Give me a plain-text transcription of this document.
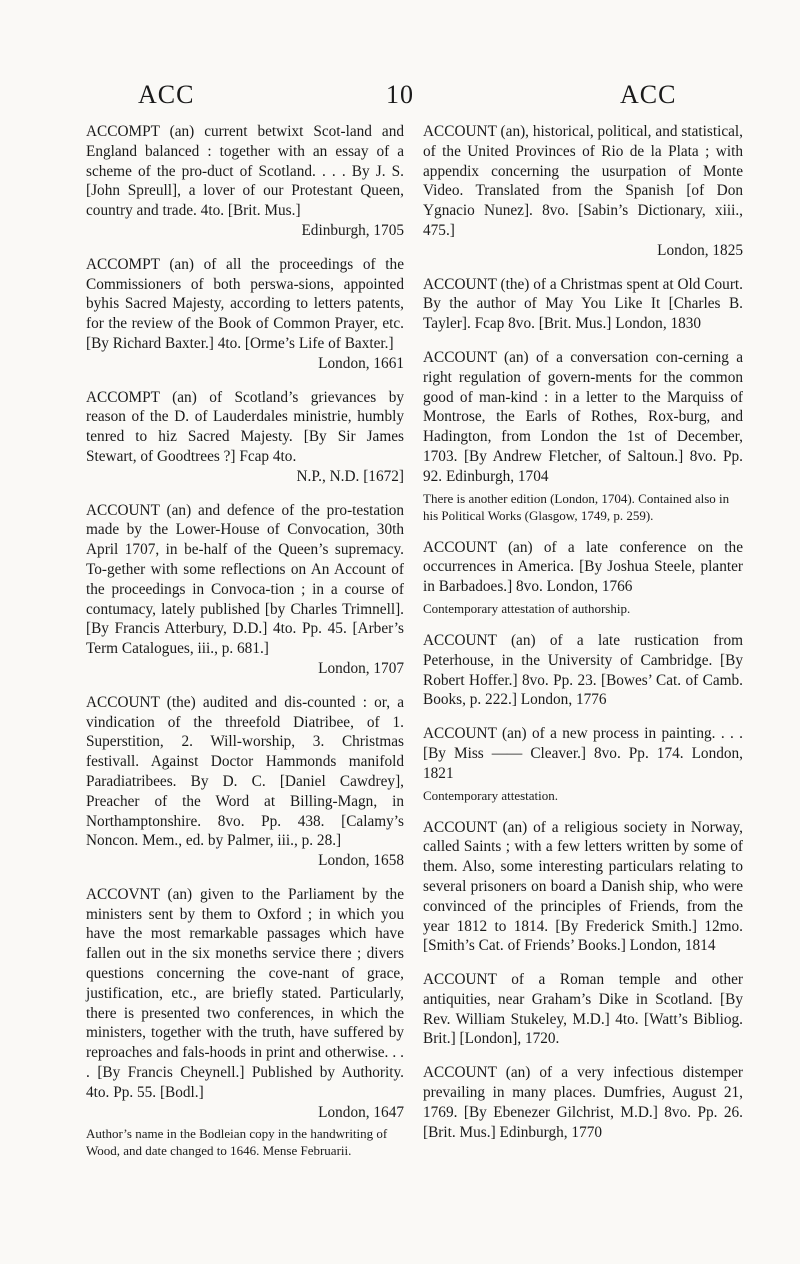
ACC	10	ACC

ACCOMPT (an) current betwixt Scot-land and England balanced : together with an essay of a scheme of the pro-duct of Scotland. . . . By J. S. [John Spreull], a lover of our Protestant Queen, country and trade. 4to. [Brit. Mus.]
Edinburgh, 1705

ACCOMPT (an) of all the proceedings of the Commissioners of both perswa-sions, appointed byhis Sacred Majesty, according to letters patents, for the review of the Book of Common Prayer, etc. [By Richard Baxter.] 4to. [Orme’s Life of Baxter.]
London, 1661

ACCOMPT (an) of Scotland’s grievances by reason of the D. of Lauderdales ministrie, humbly tenred to hiz Sacred Majesty. [By Sir James Stewart, of Goodtrees ?] Fcap 4to.
N.P., N.D. [1672]

ACCOUNT (an) and defence of the pro-testation made by the Lower-House of Convocation, 30th April 1707, in be-half of the Queen’s supremacy. To-gether with some reflections on An Account of the proceedings in Convoca-tion ; in a course of contumacy, lately published [by Charles Trimnell]. [By Francis Atterbury, D.D.] 4to. Pp. 45. [Arber’s Term Catalogues, iii., p. 681.]
London, 1707

ACCOUNT (the) audited and dis-counted : or, a vindication of the threefold Diatribee, of 1. Superstition, 2. Will-worship, 3. Christmas festivall. Against Doctor Hammonds manifold Paradiatribees. By D. C. [Daniel Cawdrey], Preacher of the Word at Billing-Magn, in Northamptonshire. 8vo. Pp. 438. [Calamy’s Noncon. Mem., ed. by Palmer, iii., p. 28.]
London, 1658

ACCOVNT (an) given to the Parliament by the ministers sent by them to Oxford ; in which you have the most remarkable passages which have fallen out in the six moneths service there ; divers questions concerning the cove-nant of grace, justification, etc., are briefly stated. Particularly, there is presented two conferences, in which the ministers, together with the truth, have suffered by reproaches and fals-hoods in print and otherwise. . . . [By Francis Cheynell.] Published by Authority. 4to. Pp. 55. [Bodl.]
London, 1647
Author’s name in the Bodleian copy in the handwriting of Wood, and date changed to 1646. Mense Februarii.

ACCOUNT (an), historical, political, and statistical, of the United Provinces of Rio de la Plata ; with appendix concerning the usurpation of Monte Video. Translated from the Spanish [of Don Ygnacio Nunez]. 8vo. [Sabin’s Dictionary, xiii., 475.]
London, 1825

ACCOUNT (the) of a Christmas spent at Old Court. By the author of May You Like It [Charles B. Tayler]. Fcap 8vo. [Brit. Mus.] London, 1830

ACCOUNT (an) of a conversation con-cerning a right regulation of govern-ments for the common good of man-kind : in a letter to the Marquiss of Montrose, the Earls of Rothes, Rox-burg, and Hadington, from London the 1st of December, 1703. [By Andrew Fletcher, of Saltoun.] 8vo. Pp. 92. Edinburgh, 1704
There is another edition (London, 1704). Contained also in his Political Works (Glasgow, 1749, p. 259).

ACCOUNT (an) of a late conference on the occurrences in America. [By Joshua Steele, planter in Barbadoes.] 8vo. London, 1766
Contemporary attestation of authorship.

ACCOUNT (an) of a late rustication from Peterhouse, in the University of Cambridge. [By Robert Hoffer.] 8vo. Pp. 23. [Bowes’ Cat. of Camb. Books, p. 222.] London, 1776

ACCOUNT (an) of a new process in painting. . . . [By Miss —— Cleaver.] 8vo. Pp. 174. London, 1821
Contemporary attestation.

ACCOUNT (an) of a religious society in Norway, called Saints ; with a few letters written by some of them. Also, some interesting particulars relating to several prisoners on board a Danish ship, who were convinced of the principles of Friends, from the year 1812 to 1814. [By Frederick Smith.] 12mo. [Smith’s Cat. of Friends’ Books.] London, 1814

ACCOUNT of a Roman temple and other antiquities, near Graham’s Dike in Scotland. [By Rev. William Stukeley, M.D.] 4to. [Watt’s Bibliog. Brit.] [London], 1720.

ACCOUNT (an) of a very infectious distemper prevailing in many places. Dumfries, August 21, 1769. [By Ebenezer Gilchrist, M.D.] 8vo. Pp. 26. [Brit. Mus.] Edinburgh, 1770
